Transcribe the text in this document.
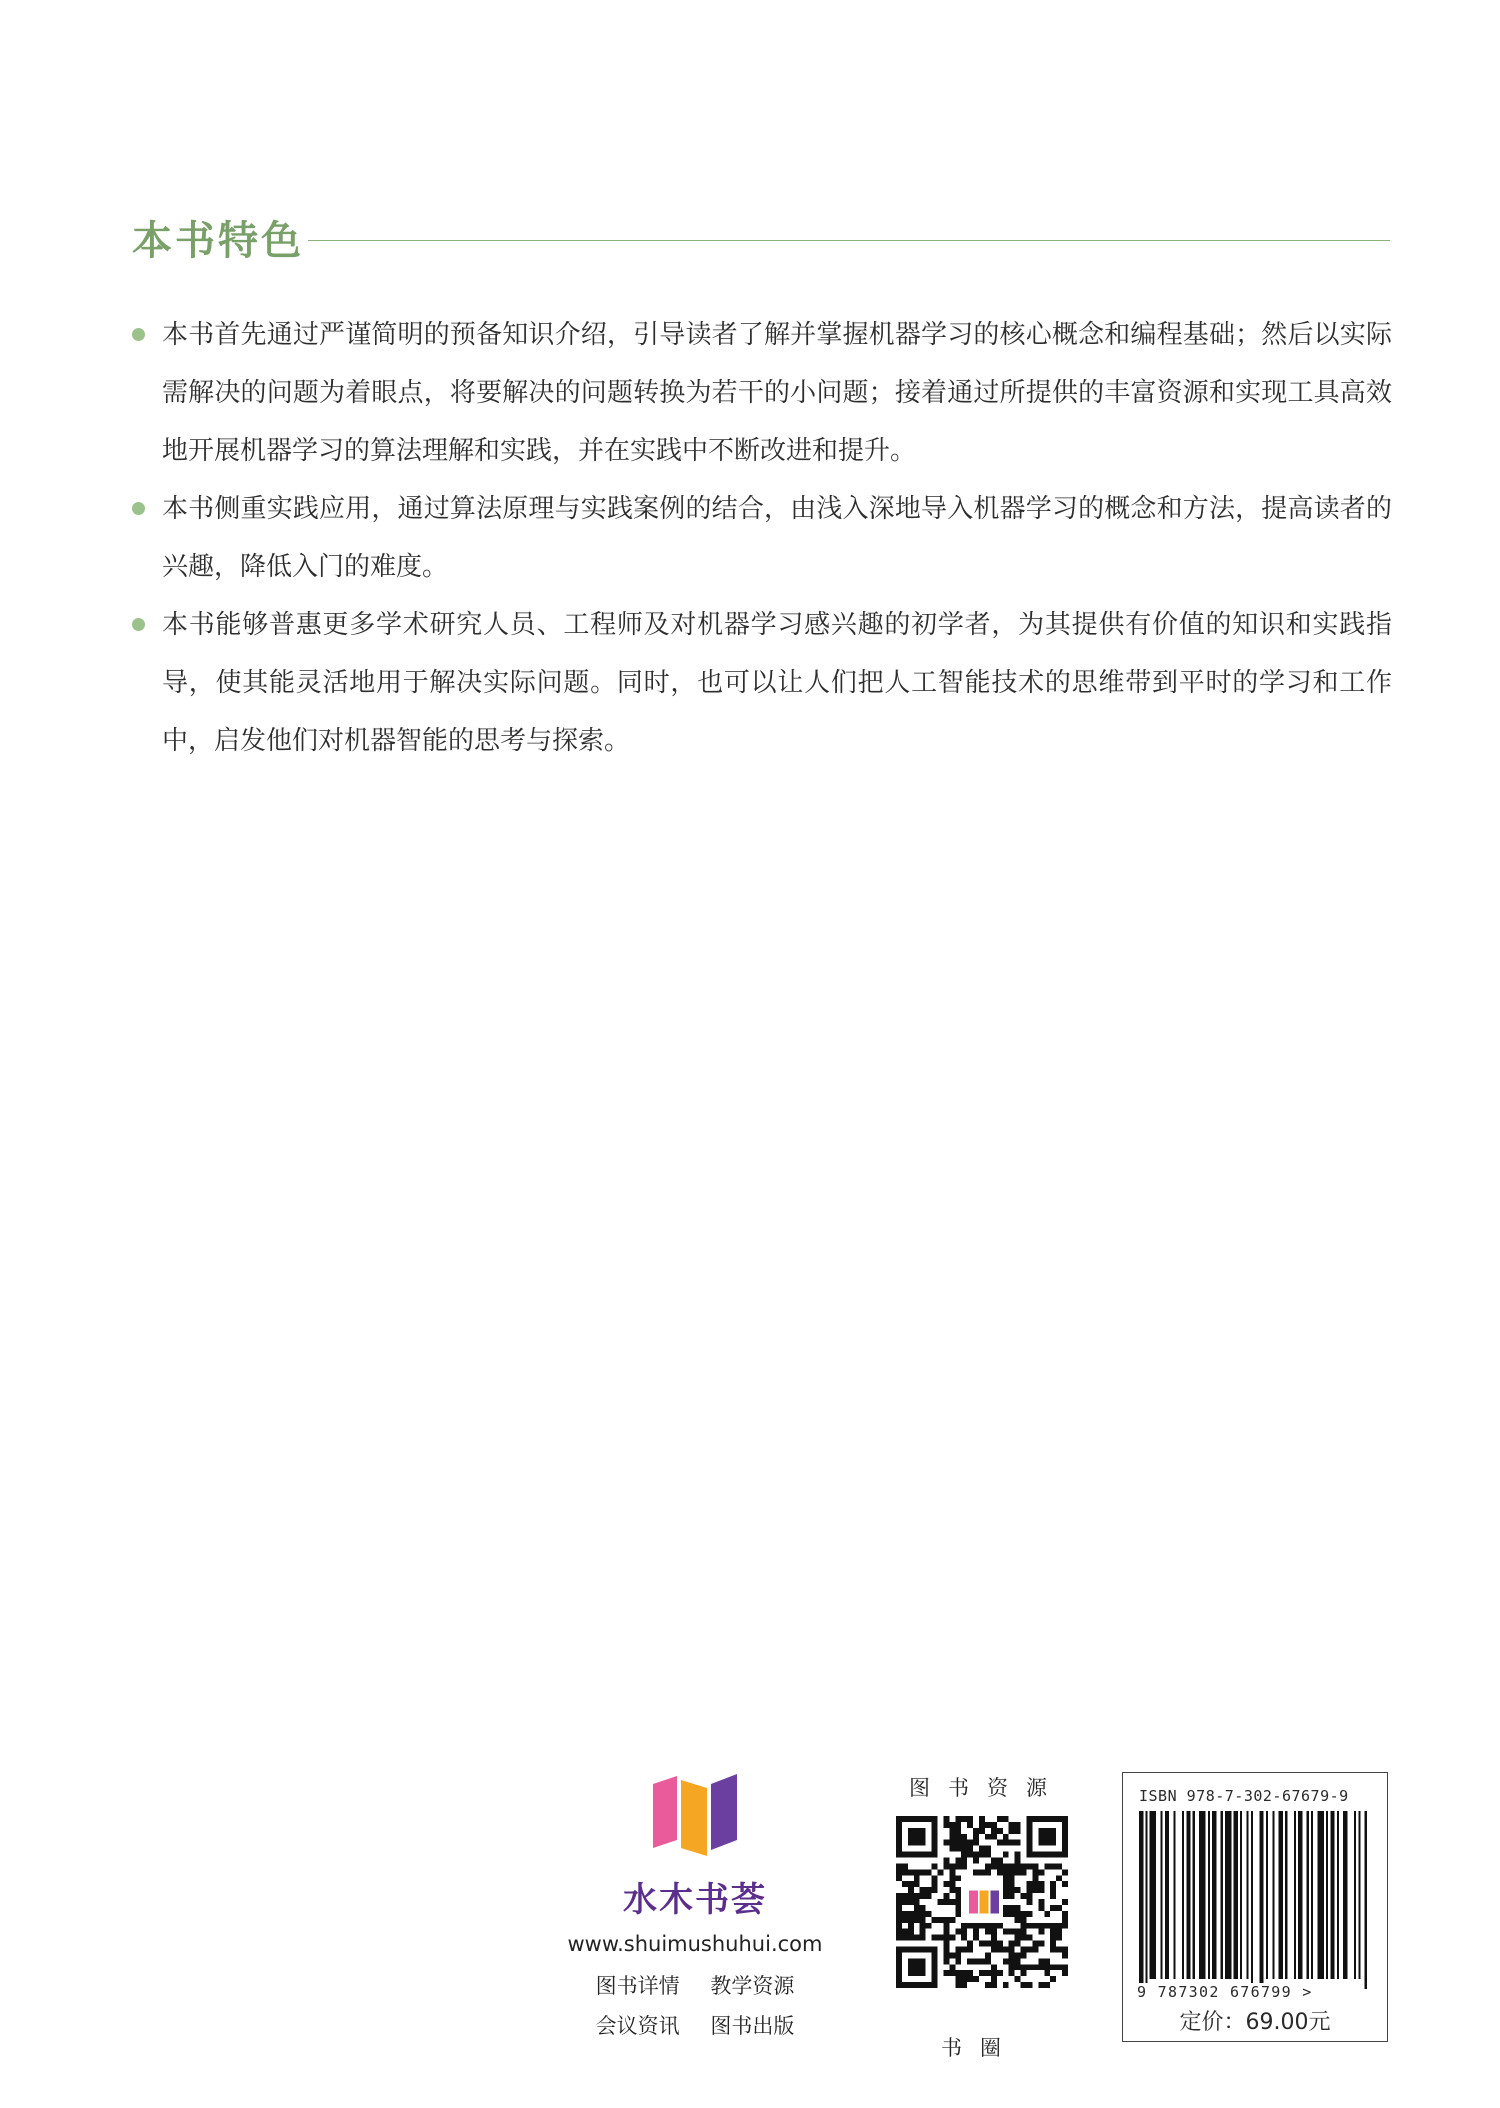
本书特色
本书首先通过严谨简明的预备知识介绍，引导读者了解并掌握机器学习的核心概念和编程基础；然后以实际需解决的问题为着眼点，将要解决的问题转换为若干的小问题；接着通过所提供的丰富资源和实现工具高效地开展机器学习的算法理解和实践，并在实践中不断改进和提升。
本书侧重实践应用，通过算法原理与实践案例的结合，由浅入深地导入机器学习的概念和方法，提高读者的兴趣，降低入门的难度。
本书能够普惠更多学术研究人员、工程师及对机器学习感兴趣的初学者，为其提供有价值的知识和实践指导，使其能灵活地用于解决实际问题。同时，也可以让人们把人工智能技术的思维带到平时的学习和工作中，启发他们对机器智能的思考与探索。
水木书荟
www.shuimushuhui.com
图书详情 教学资源
会议资讯 图书出版
图书资源
书圈
ISBN 978-7-302-67679-9
9 787302 676799 >
定价：69.00元
